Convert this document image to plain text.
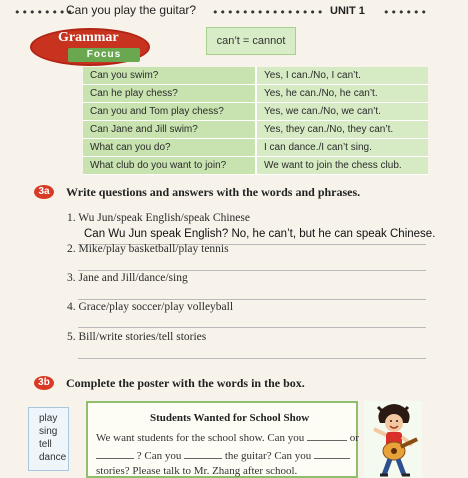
••••••••
Can you play the guitar? ••••••••••••••• UNIT 1 ••••••
Grammar
Focus
can’t = cannot
Can you swim?	Yes, I can./No, I can’t.
Can he play chess?	Yes, he can./No, he can’t.
Can you and Tom play chess?	Yes, we can./No, we can’t.
Can Jane and Jill swim?	Yes, they can./No, they can’t.
What can you do?	I can dance./I can’t sing.
What club do you want to join?	We want to join the chess club.
3a	Write questions and answers with the words and phrases.
1. Wu Jun/speak English/speak Chinese
Can Wu Jun speak English? No, he can’t, but he can speak Chinese.
2. Mike/play basketball/play tennis
3. Jane and Jill/dance/sing
4. Grace/play soccer/play volleyball
5. Bill/write stories/tell stories
3b	Complete the poster with the words in the box.
play
sing
tell
dance
Students Wanted for School Show
We want students for the school show. Can you	or
? Can you	the guitar? Can you
stories? Please talk to Mr. Zhang after school.
